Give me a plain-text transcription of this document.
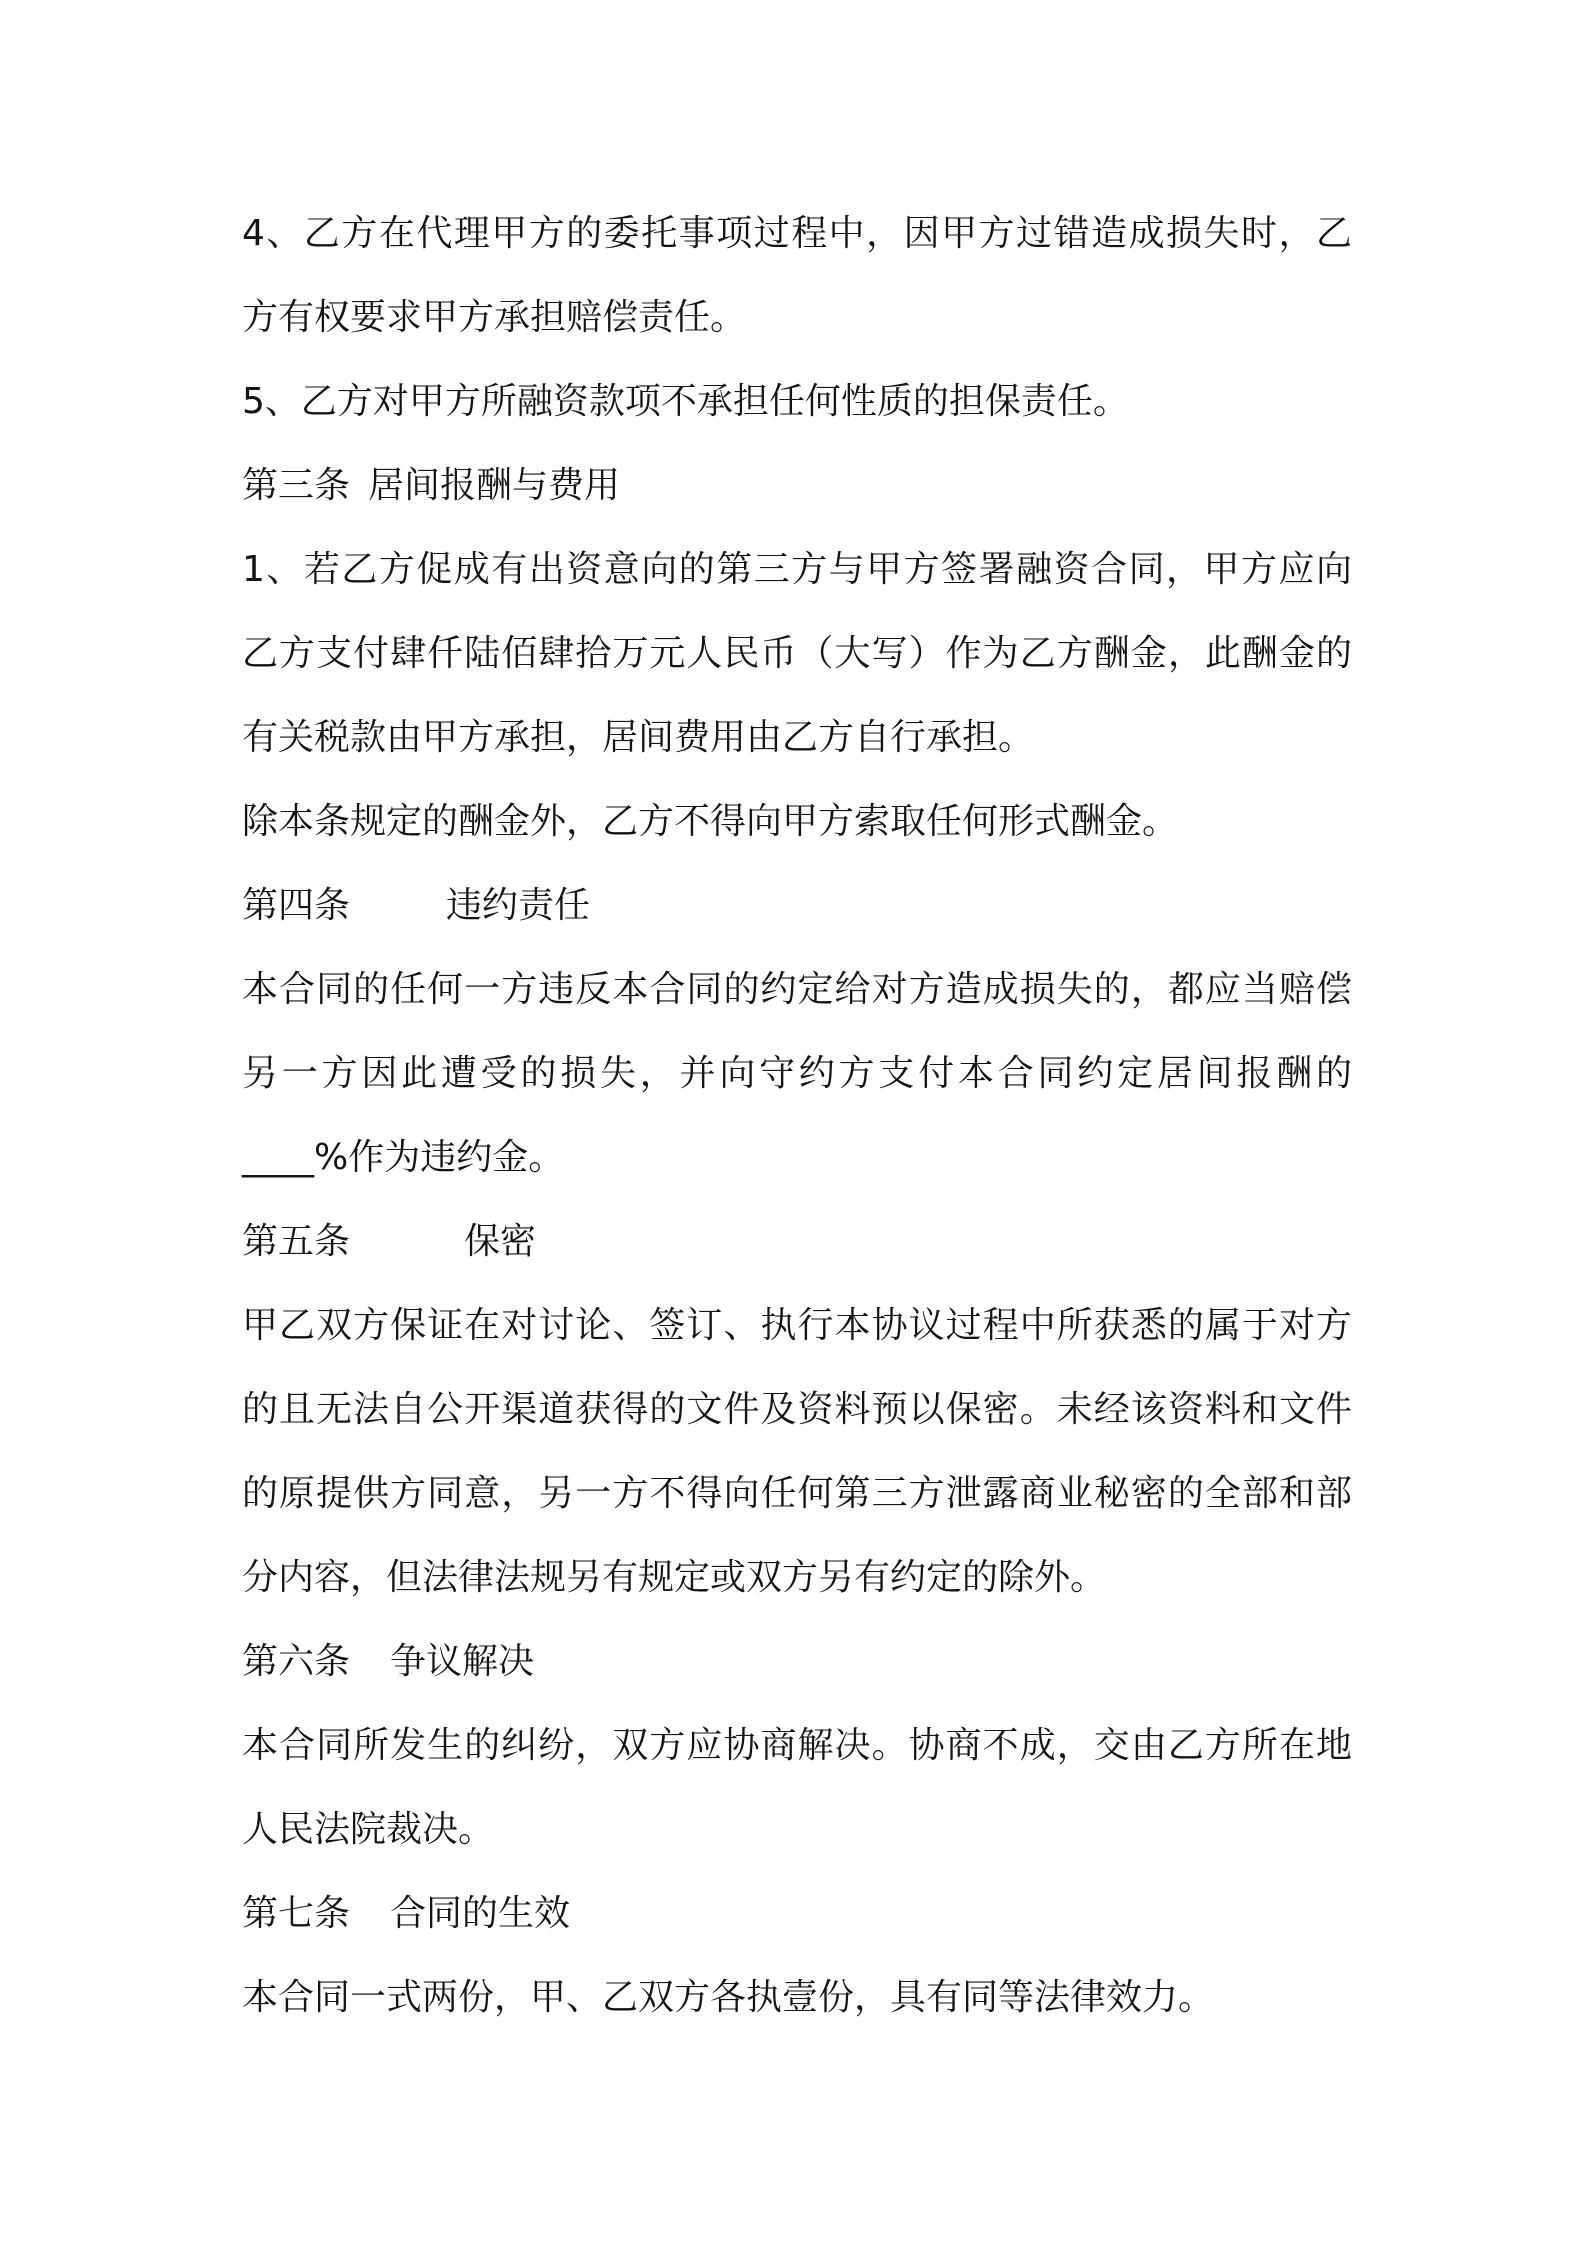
4、乙方在代理甲方的委托事项过程中，因甲方过错造成损失时，乙
方有权要求甲方承担赔偿责任。
5、乙方对甲方所融资款项不承担任何性质的担保责任。
第三条 居间报酬与费用
1、若乙方促成有出资意向的第三方与甲方签署融资合同，甲方应向
乙方支付肆仟陆佰肆拾万元人民币（大写）作为乙方酬金，此酬金的
有关税款由甲方承担，居间费用由乙方自行承担。
除本条规定的酬金外，乙方不得向甲方索取任何形式酬金。
第四条	违约责任
本合同的任何一方违反本合同的约定给对方造成损失的，都应当赔偿
另一方因此遭受的损失，并向守约方支付本合同约定居间报酬的
____%作为违约金。
第五条	保密
甲乙双方保证在对讨论、签订、执行本协议过程中所获悉的属于对方
的且无法自公开渠道获得的文件及资料预以保密。未经该资料和文件
的原提供方同意，另一方不得向任何第三方泄露商业秘密的全部和部
分内容，但法律法规另有规定或双方另有约定的除外。
第六条 争议解决
本合同所发生的纠纷，双方应协商解决。协商不成，交由乙方所在地
人民法院裁决。
第七条 合同的生效
本合同一式两份，甲、乙双方各执壹份，具有同等法律效力。
